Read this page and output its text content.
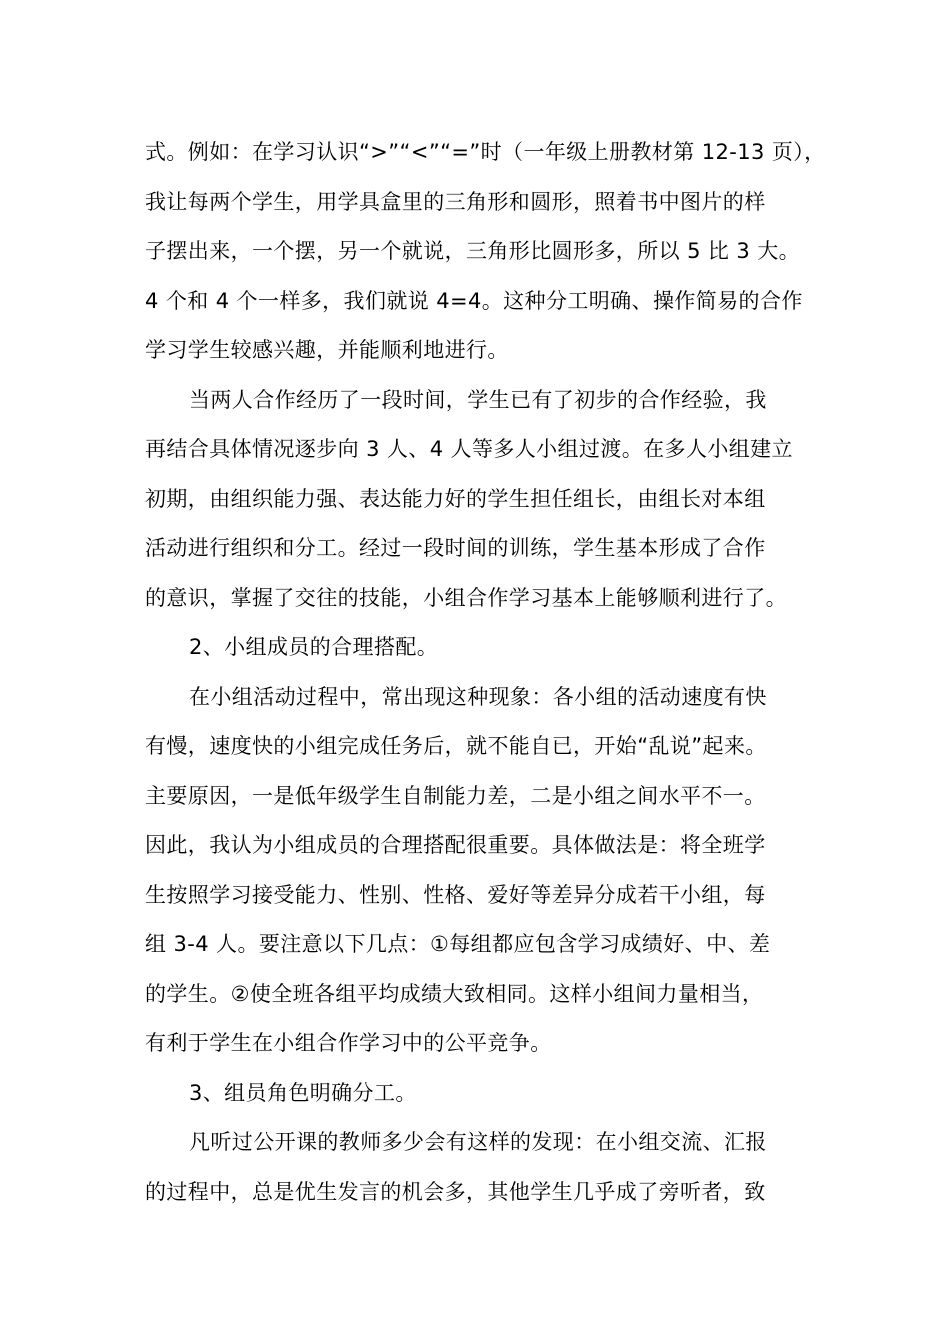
式。例如：在学习认识“>”“<”“=”时（一年级上册教材第 12-13 页），
我让每两个学生，用学具盒里的三角形和圆形，照着书中图片的样
子摆出来，一个摆，另一个就说，三角形比圆形多，所以 5 比 3 大。
4 个和 4 个一样多，我们就说 4=4。这种分工明确、操作简易的合作
学习学生较感兴趣，并能顺利地进行。
当两人合作经历了一段时间，学生已有了初步的合作经验，我
再结合具体情况逐步向 3 人、4 人等多人小组过渡。在多人小组建立
初期，由组织能力强、表达能力好的学生担任组长，由组长对本组
活动进行组织和分工。经过一段时间的训练，学生基本形成了合作
的意识，掌握了交往的技能，小组合作学习基本上能够顺利进行了。
2、小组成员的合理搭配。
在小组活动过程中，常出现这种现象：各小组的活动速度有快
有慢，速度快的小组完成任务后，就不能自已，开始“乱说”起来。
主要原因，一是低年级学生自制能力差，二是小组之间水平不一。
因此，我认为小组成员的合理搭配很重要。具体做法是：将全班学
生按照学习接受能力、性别、性格、爱好等差异分成若干小组，每
组 3-4 人。要注意以下几点：①每组都应包含学习成绩好、中、差
的学生。②使全班各组平均成绩大致相同。这样小组间力量相当，
有利于学生在小组合作学习中的公平竞争。
3、组员角色明确分工。
凡听过公开课的教师多少会有这样的发现：在小组交流、汇报
的过程中，总是优生发言的机会多，其他学生几乎成了旁听者，致
